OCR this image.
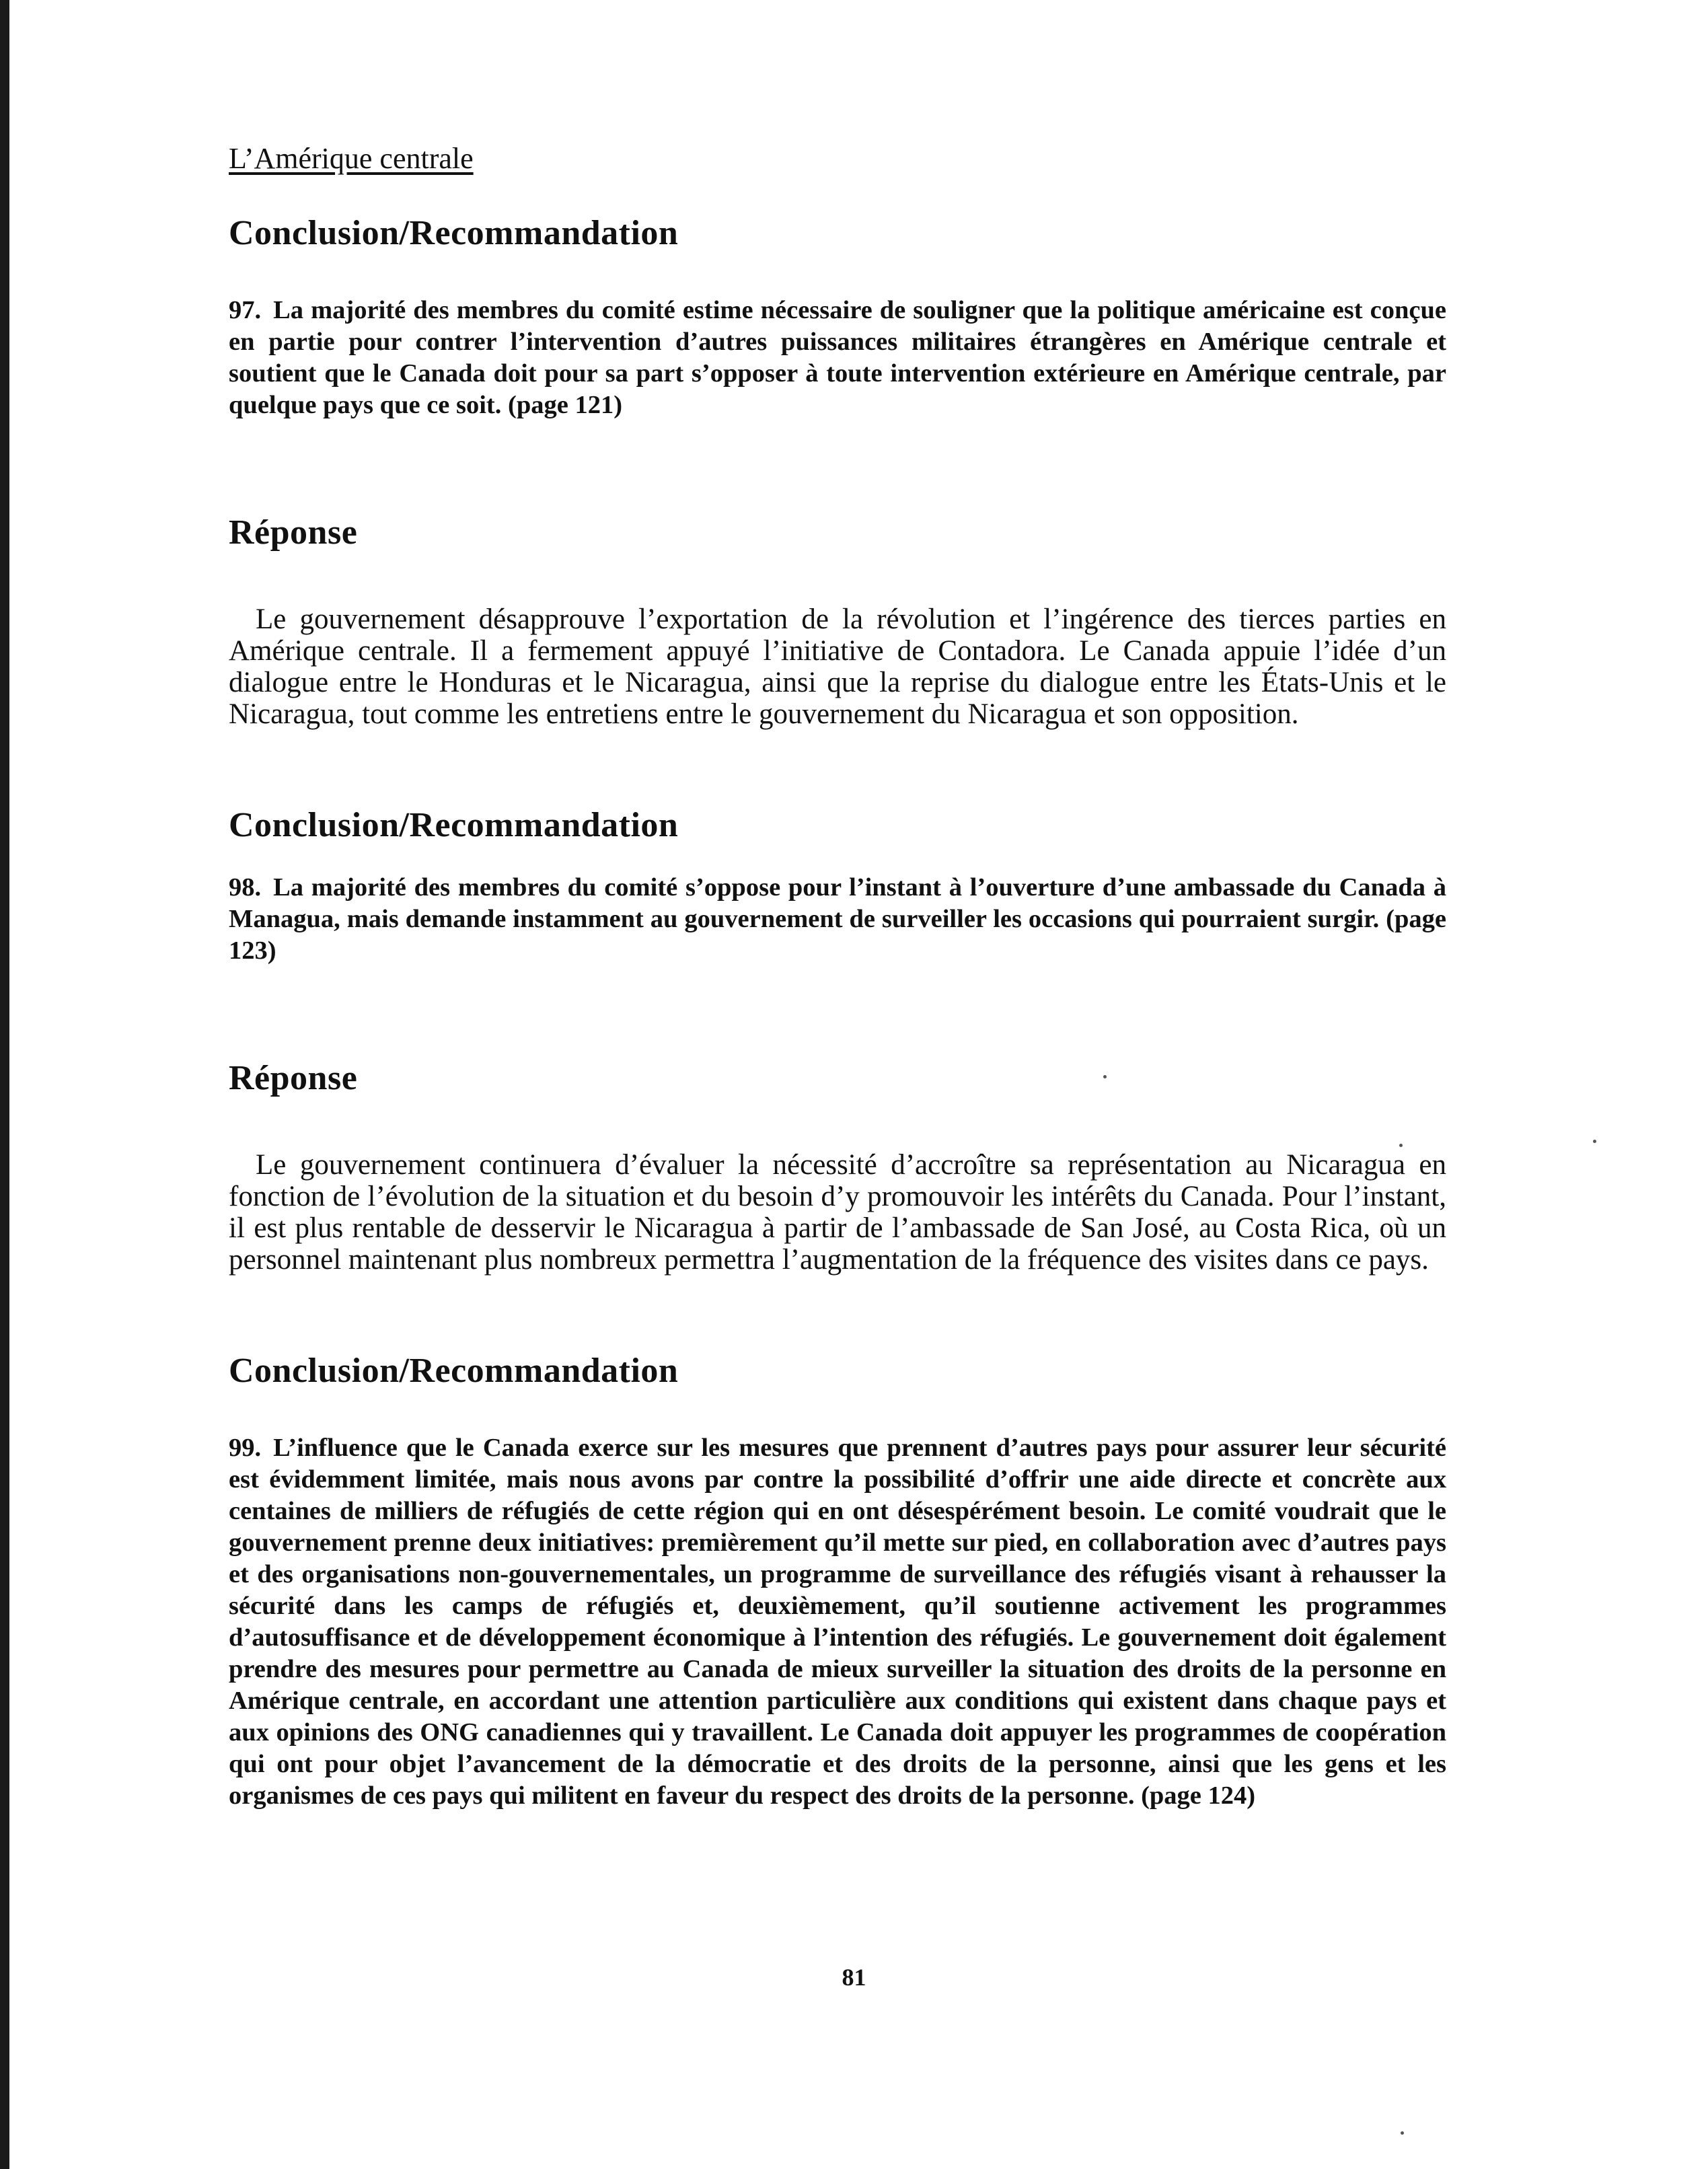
L’Amérique centrale
Conclusion/Recommandation

97. La majorité des membres du comité estime nécessaire de souligner que la politique américaine est conçue en partie pour contrer l’intervention d’autres puissances militaires étrangères en Amérique centrale et soutient que le Canada doit pour sa part s’opposer à toute intervention extérieure en Amérique centrale, par quelque pays que ce soit. (page 121)

Réponse

Le gouvernement désapprouve l’exportation de la révolution et l’ingérence des tierces parties en Amérique centrale. Il a fermement appuyé l’initiative de Contadora. Le Canada appuie l’idée d’un dialogue entre le Honduras et le Nicaragua, ainsi que la reprise du dialogue entre les États-Unis et le Nicaragua, tout comme les entretiens entre le gouvernement du Nicaragua et son opposition.

Conclusion/Recommandation

98. La majorité des membres du comité s’oppose pour l’instant à l’ouverture d’une ambassade du Canada à Managua, mais demande instamment au gouvernement de surveiller les occasions qui pourraient surgir. (page 123)

Réponse

Le gouvernement continuera d’évaluer la nécessité d’accroître sa représentation au Nicaragua en fonction de l’évolution de la situation et du besoin d’y promouvoir les intérêts du Canada. Pour l’instant, il est plus rentable de desservir le Nicaragua à partir de l’ambassade de San José, au Costa Rica, où un personnel maintenant plus nombreux permettra l’augmentation de la fréquence des visites dans ce pays.

Conclusion/Recommandation

99. L’influence que le Canada exerce sur les mesures que prennent d’autres pays pour assurer leur sécurité est évidemment limitée, mais nous avons par contre la possibilité d’offrir une aide directe et concrète aux centaines de milliers de réfugiés de cette région qui en ont désespérément besoin. Le comité voudrait que le gouvernement prenne deux initiatives: premièrement qu’il mette sur pied, en collaboration avec d’autres pays et des organisations non-gouvernementales, un programme de surveillance des réfugiés visant à rehausser la sécurité dans les camps de réfugiés et, deuxièmement, qu’il soutienne activement les programmes d’autosuffisance et de développement économique à l’intention des réfugiés. Le gouvernement doit également prendre des mesures pour permettre au Canada de mieux surveiller la situation des droits de la personne en Amérique centrale, en accordant une attention particulière aux conditions qui existent dans chaque pays et aux opinions des ONG canadiennes qui y travaillent. Le Canada doit appuyer les programmes de coopération qui ont pour objet l’avancement de la démocratie et des droits de la personne, ainsi que les gens et les organismes de ces pays qui militent en faveur du respect des droits de la personne. (page 124)

81
